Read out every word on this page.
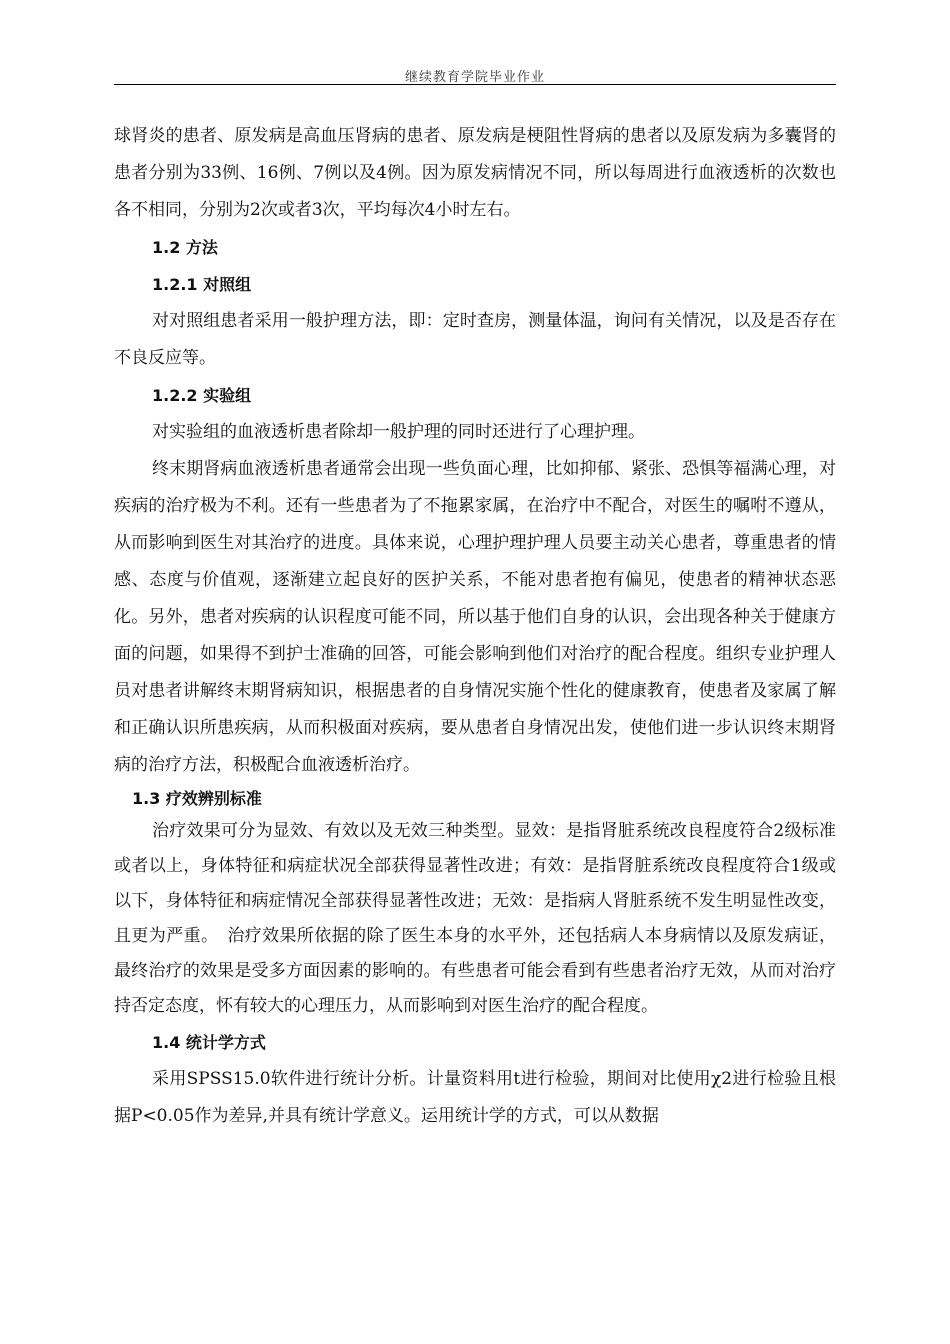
继续教育学院毕业作业

球肾炎的患者、原发病是高血压肾病的患者、原发病是梗阻性肾病的患者以及原发病为多囊肾的患者分别为33例、16例、7例以及4例。因为原发病情况不同，所以每周进行血液透析的次数也各不相同，分别为2次或者3次，平均每次4小时左右。

1.2 方法

1.2.1 对照组

对对照组患者采用一般护理方法，即：定时查房，测量体温，询问有关情况，以及是否存在不良反应等。

1.2.2 实验组

对实验组的血液透析患者除却一般护理的同时还进行了心理护理。

终末期肾病血液透析患者通常会出现一些负面心理，比如抑郁、紧张、恐惧等福满心理，对疾病的治疗极为不利。还有一些患者为了不拖累家属，在治疗中不配合，对医生的嘱咐不遵从，从而影响到医生对其治疗的进度。具体来说，心理护理护理人员要主动关心患者，尊重患者的情感、态度与价值观，逐渐建立起良好的医护关系，不能对患者抱有偏见，使患者的精神状态恶化。另外，患者对疾病的认识程度可能不同，所以基于他们自身的认识，会出现各种关于健康方面的问题，如果得不到护士准确的回答，可能会影响到他们对治疗的配合程度。组织专业护理人员对患者讲解终末期肾病知识，根据患者的自身情况实施个性化的健康教育，使患者及家属了解和正确认识所患疾病，从而积极面对疾病，要从患者自身情况出发，使他们进一步认识终末期肾病的治疗方法，积极配合血液透析治疗。

1.3 疗效辨别标准

治疗效果可分为显效、有效以及无效三种类型。显效：是指肾脏系统改良程度符合2级标准或者以上，身体特征和病症状况全部获得显著性改进；有效：是指肾脏系统改良程度符合1级或以下，身体特征和病症情况全部获得显著性改进；无效：是指病人肾脏系统不发生明显性改变，且更为严重。　治疗效果所依据的除了医生本身的水平外，还包括病人本身病情以及原发病证，最终治疗的效果是受多方面因素的影响的。有些患者可能会看到有些患者治疗无效，从而对治疗持否定态度，怀有较大的心理压力，从而影响到对医生治疗的配合程度。

1.4 统计学方式

采用SPSS15.0软件进行统计分析。计量资料用t进行检验，期间对比使用χ2进行检验且根据P<0.05作为差异,并具有统计学意义。运用统计学的方式，可以从数据
